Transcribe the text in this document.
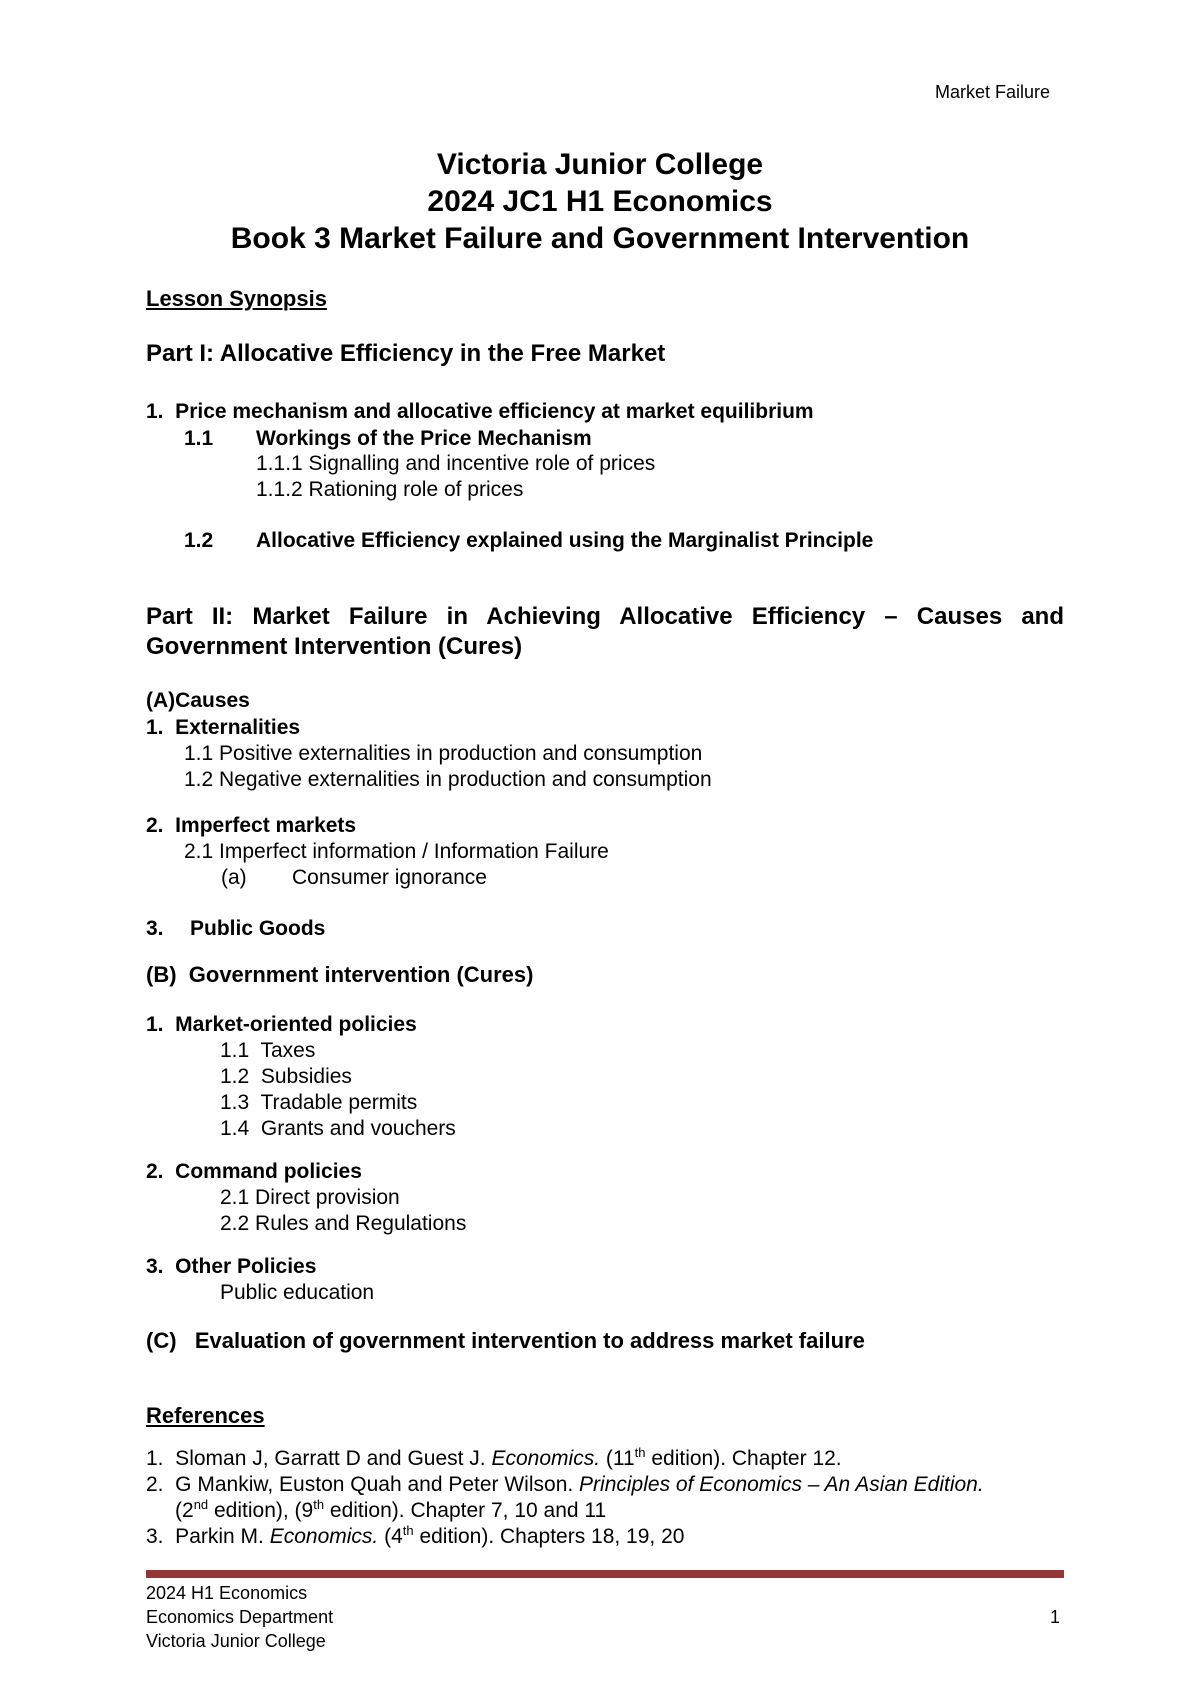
Market Failure
Victoria Junior College
2024 JC1 H1 Economics
Book 3 Market Failure and Government Intervention
Lesson Synopsis
Part I: Allocative Efficiency in the Free Market
1.  Price mechanism and allocative efficiency at market equilibrium
1.1 Workings of the Price Mechanism
1.1.1 Signalling and incentive role of prices
1.1.2 Rationing role of prices
1.2 Allocative Efficiency explained using the Marginalist Principle
Part II: Market Failure in Achieving Allocative Efficiency – Causes and
Government Intervention (Cures)
(A)Causes
1.  Externalities
1.1 Positive externalities in production and consumption
1.2 Negative externalities in production and consumption
2.  Imperfect markets
2.1 Imperfect information / Information Failure
(a) Consumer ignorance
3. Public Goods
(B)  Government intervention (Cures)
1.  Market-oriented policies
1.1  Taxes
1.2  Subsidies
1.3  Tradable permits
1.4  Grants and vouchers
2.  Command policies
2.1 Direct provision
2.2 Rules and Regulations
3.  Other Policies
Public education
(C)   Evaluation of government intervention to address market failure
References
1.  Sloman J, Garratt D and Guest J. Economics. (11th edition). Chapter 12.
2.  G Mankiw, Euston Quah and Peter Wilson. Principles of Economics – An Asian Edition.
(2nd edition), (9th edition). Chapter 7, 10 and 11
3.  Parkin M. Economics. (4th edition). Chapters 18, 19, 20
2024 H1 Economics
Economics Department
Victoria Junior College
1
